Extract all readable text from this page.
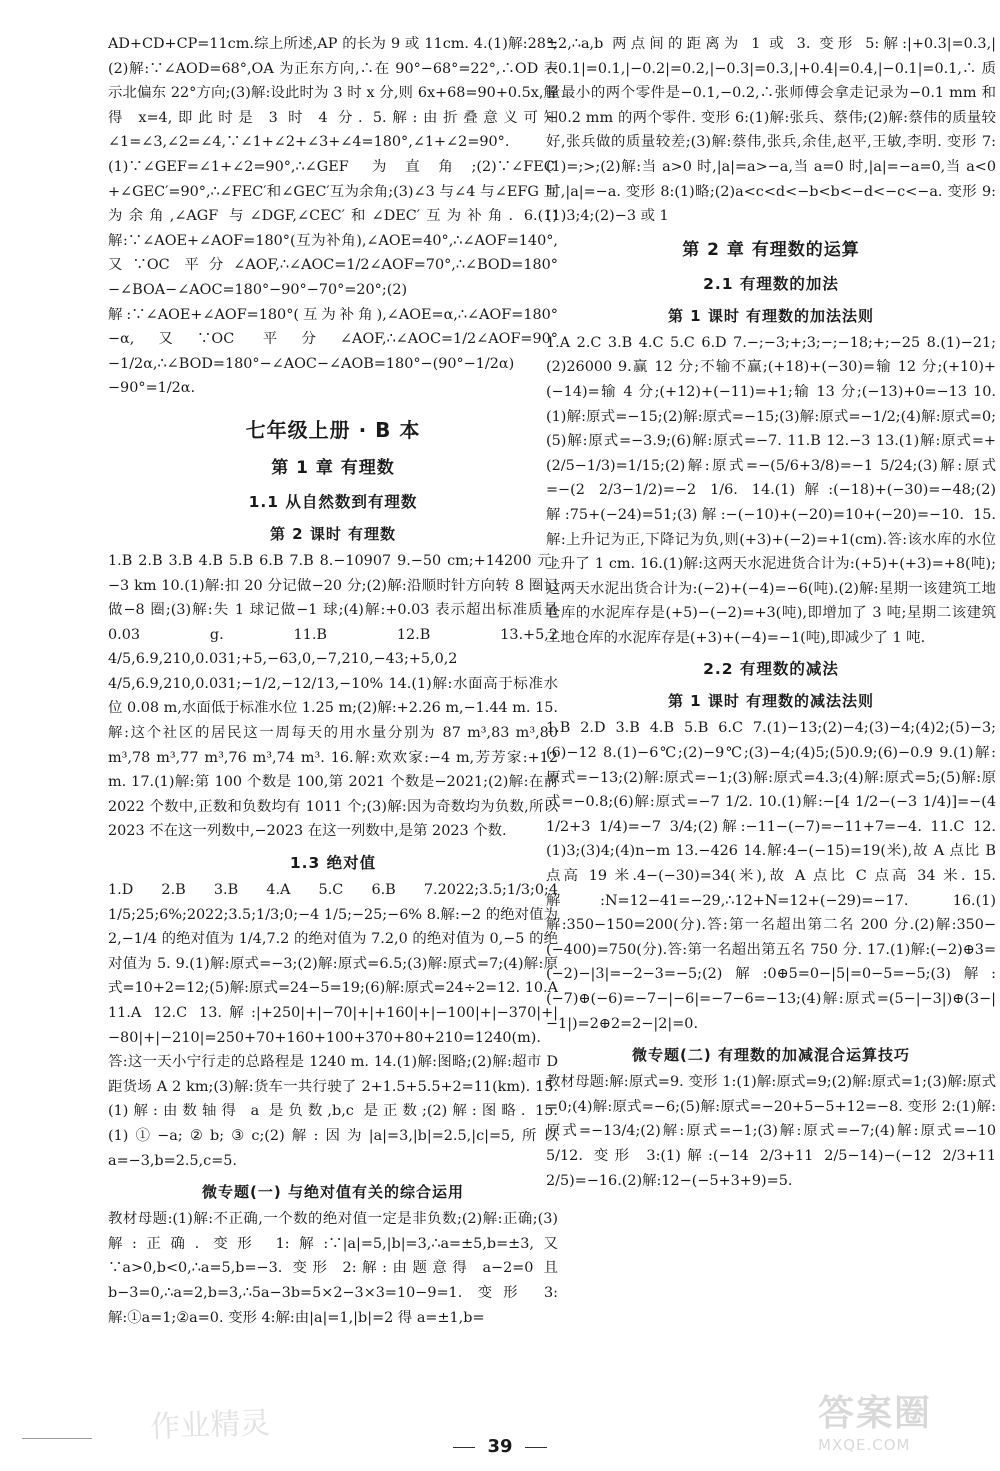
AD+CD+CP=11cm.综上所述,AP 的长为 9 或 11cm. 4.(1)解:28°;(2)解:∵∠AOD=68°,OA 为正东方向,∴在 90°−68°=22°,∴OD 表示北偏东 22°方向;(3)解:设此时为 3 时 x 分,则 6x+68=90+0.5x,解得 x=4,即此时是 3 时 4 分. 5.解:由折叠意义可知∠1=∠3,∠2=∠4,∵∠1+∠2+∠3+∠4=180°,∠1+∠2=90°.(1)∵∠GEF=∠1+∠2=90°,∴∠GEF 为直角;(2)∵∠FEC′+∠GEC′=90°,∴∠FEC′和∠GEC′互为余角;(3)∠3 与∠4 与∠EFG 互为余角,∠AGF 与∠DGF,∠CEC′和∠DEC′互为补角. 6.(1)解:∵∠AOE+∠AOF=180°(互为补角),∠AOE=40°,∴∠AOF=140°,又∵OC 平分∠AOF,∴∠AOC=1/2∠AOF=70°,∴∠BOD=180°−∠BOA−∠AOC=180°−90°−70°=20°;(2)解:∵∠AOE+∠AOF=180°(互为补角),∠AOE=α,∴∠AOF=180°−α,又∵OC 平分∠AOF,∴∠AOC=1/2∠AOF=90°−1/2α,∴∠BOD=180°−∠AOC−∠AOB=180°−(90°−1/2α)−90°=1/2α.
七年级上册 · B 本
第 1 章 有理数
1.1 从自然数到有理数
第 2 课时 有理数
1.B 2.B 3.B 4.B 5.B 6.B 7.B 8.−10907 9.−50 cm;+14200 元;−3 km 10.(1)解:扣 20 分记做−20 分;(2)解:沿顺时针方向转 8 圈记做−8 圈;(3)解:失 1 球记做−1 球;(4)解:+0.03 表示超出标准质量 0.03 g. 11.B 12.B 13.+5,2 4/5,6.9,210,0.031;+5,−63,0,−7,210,−43;+5,0,2 4/5,6.9,210,0.031;−1/2,−12/13,−10% 14.(1)解:水面高于标准水位 0.08 m,水面低于标准水位 1.25 m;(2)解:+2.26 m,−1.44 m. 15.解:这个社区的居民这一周每天的用水量分别为 87 m³,83 m³,80 m³,78 m³,77 m³,76 m³,74 m³. 16.解:欢欢家:−4 m,芳芳家:+12 m. 17.(1)解:第 100 个数是 100,第 2021 个数是−2021;(2)解:在前 2022 个数中,正数和负数均有 1011 个;(3)解:因为奇数均为负数,所以 2023 不在这一列数中,−2023 在这一列数中,是第 2023 个数.
1.3 绝对值
1.D 2.B 3.B 4.A 5.C 6.B 7.2022;3.5;1/3;0;4 1/5;25;6%;2022;3.5;1/3;0;−4 1/5;−25;−6% 8.解:−2 的绝对值为 2,−1/4 的绝对值为 1/4,7.2 的绝对值为 7.2,0 的绝对值为 0,−5 的绝对值为 5. 9.(1)解:原式=−3;(2)解:原式=6.5;(3)解:原式=7;(4)解:原式=10+2=12;(5)解:原式=24−5=19;(6)解:原式=24÷2=12. 10.A 11.A 12.C 13.解:|+250|+|−70|+|+160|+|−100|+|−370|+|−80|+|−210|=250+70+160+100+370+80+210=1240(m).答:这一天小宁行走的总路程是 1240 m. 14.(1)解:图略;(2)解:超市 D 距货场 A 2 km;(3)解:货车一共行驶了 2+1.5+5.5+2=11(km). 15.(1)解:由数轴得 a 是负数,b,c 是正数;(2)解:图略. 15.(1)①−a;②b;③c;(2)解:因为|a|=3,|b|=2.5,|c|=5,所以 a=−3,b=2.5,c=5.
微专题(一) 与绝对值有关的综合运用
教材母题:(1)解:不正确,一个数的绝对值一定是非负数;(2)解:正确;(3)解:正确. 变形 1:解:∵|a|=5,|b|=3,∴a=±5,b=±3,又∵a>0,b<0,∴a=5,b=−3. 变形 2:解:由题意得 a−2=0 且 b−3=0,∴a=2,b=3,∴5a−3b=5×2−3×3=10−9=1. 变形 3:解:①a=1;②a=0. 变形 4:解:由|a|=1,|b|=2 得 a=±1,b=
±2,∴a,b 两点间的距离为 1 或 3. 变形 5:解:|+0.3|=0.3,|−0.1|=0.1,|−0.2|=0.2,|−0.3|=0.3,|+0.4|=0.4,|−0.1|=0.1,∴质量最小的两个零件是−0.1,−0.2,∴张师傅会拿走记录为−0.1 mm 和−0.2 mm 的两个零件. 变形 6:(1)解:张兵、蔡伟;(2)解:蔡伟的质量较好,张兵做的质量较差;(3)解:蔡伟,张兵,余佳,赵平,王敏,李明. 变形 7:(1)=;>;(2)解:当 a>0 时,|a|=a>−a,当 a=0 时,|a|=−a=0,当 a<0 时,|a|=−a. 变形 8:(1)略;(2)a<c<d<−b<b<−d<−c<−a. 变形 9:(1)3;4;(2)−3 或 1
第 2 章 有理数的运算
2.1 有理数的加法
第 1 课时 有理数的加法法则
1.A 2.C 3.B 4.C 5.C 6.D 7.−;−3;+;3;−;−18;+;−25 8.(1)−21;(2)26000 9.赢 12 分;不输不赢;(+18)+(−30)=输 12 分;(+10)+(−14)=输 4 分;(+12)+(−11)=+1;输 13 分;(−13)+0=−13 10.(1)解:原式=−15;(2)解:原式=−15;(3)解:原式=−1/2;(4)解:原式=0;(5)解:原式=−3.9;(6)解:原式=−7. 11.B 12.−3 13.(1)解:原式=+(2/5−1/3)=1/15;(2)解:原式=−(5/6+3/8)=−1 5/24;(3)解:原式=−(2 2/3−1/2)=−2 1/6. 14.(1)解:(−18)+(−30)=−48;(2)解:75+(−24)=51;(3)解:−(−10)+(−20)=10+(−20)=−10. 15.解:上升记为正,下降记为负,则(+3)+(−2)=+1(cm).答:该水库的水位上升了 1 cm. 16.(1)解:这两天水泥进货合计为:(+5)+(+3)=+8(吨);这两天水泥出货合计为:(−2)+(−4)=−6(吨).(2)解:星期一该建筑工地仓库的水泥库存是(+5)−(−2)=+3(吨),即增加了 3 吨;星期二该建筑工地仓库的水泥库存是(+3)+(−4)=−1(吨),即减少了 1 吨.
2.2 有理数的减法
第 1 课时 有理数的减法法则
1.B 2.D 3.B 4.B 5.B 6.C 7.(1)−13;(2)−4;(3)−4;(4)2;(5)−3;(6)−12 8.(1)−6℃;(2)−9℃;(3)−4;(4)5;(5)0.9;(6)−0.9 9.(1)解:原式=−13;(2)解:原式=−1;(3)解:原式=4.3;(4)解:原式=5;(5)解:原式=−0.8;(6)解:原式=−7 1/2. 10.(1)解:−[4 1/2−(−3 1/4)]=−(4 1/2+3 1/4)=−7 3/4;(2)解:−11−(−7)=−11+7=−4. 11.C 12.(1)3;(3)4;(4)n−m 13.−426 14.解:4−(−15)=19(米),故 A 点比 B 点高 19 米.4−(−30)=34(米),故 A 点比 C 点高 34 米. 15.解:N=12−41=−29,∴12+N=12+(−29)=−17. 16.(1)解:350−150=200(分).答:第一名超出第二名 200 分.(2)解:350−(−400)=750(分).答:第一名超出第五名 750 分. 17.(1)解:(−2)⊕3=(−2)−|3|=−2−3=−5;(2)解:0⊕5=0−|5|=0−5=−5;(3)解:(−7)⊕(−6)=−7−|−6|=−7−6=−13;(4)解:原式=(5−|−3|)⊕(3−|−1|)=2⊕2=2−|2|=0.
微专题(二) 有理数的加减混合运算技巧
教材母题:解:原式=9. 变形 1:(1)解:原式=9;(2)解:原式=1;(3)解:原式=0;(4)解:原式=−6;(5)解:原式=−20+5−5+12=−8. 变形 2:(1)解:原式=−13/4;(2)解:原式=−1;(3)解:原式=−7;(4)解:原式=−10 5/12. 变形 3:(1)解:(−14 2/3+11 2/5−14)−(−12 2/3+11 2/5)=−16.(2)解:12−(−5+3+9)=5.
39
作业精灵	答案圈
MXQE.COM
